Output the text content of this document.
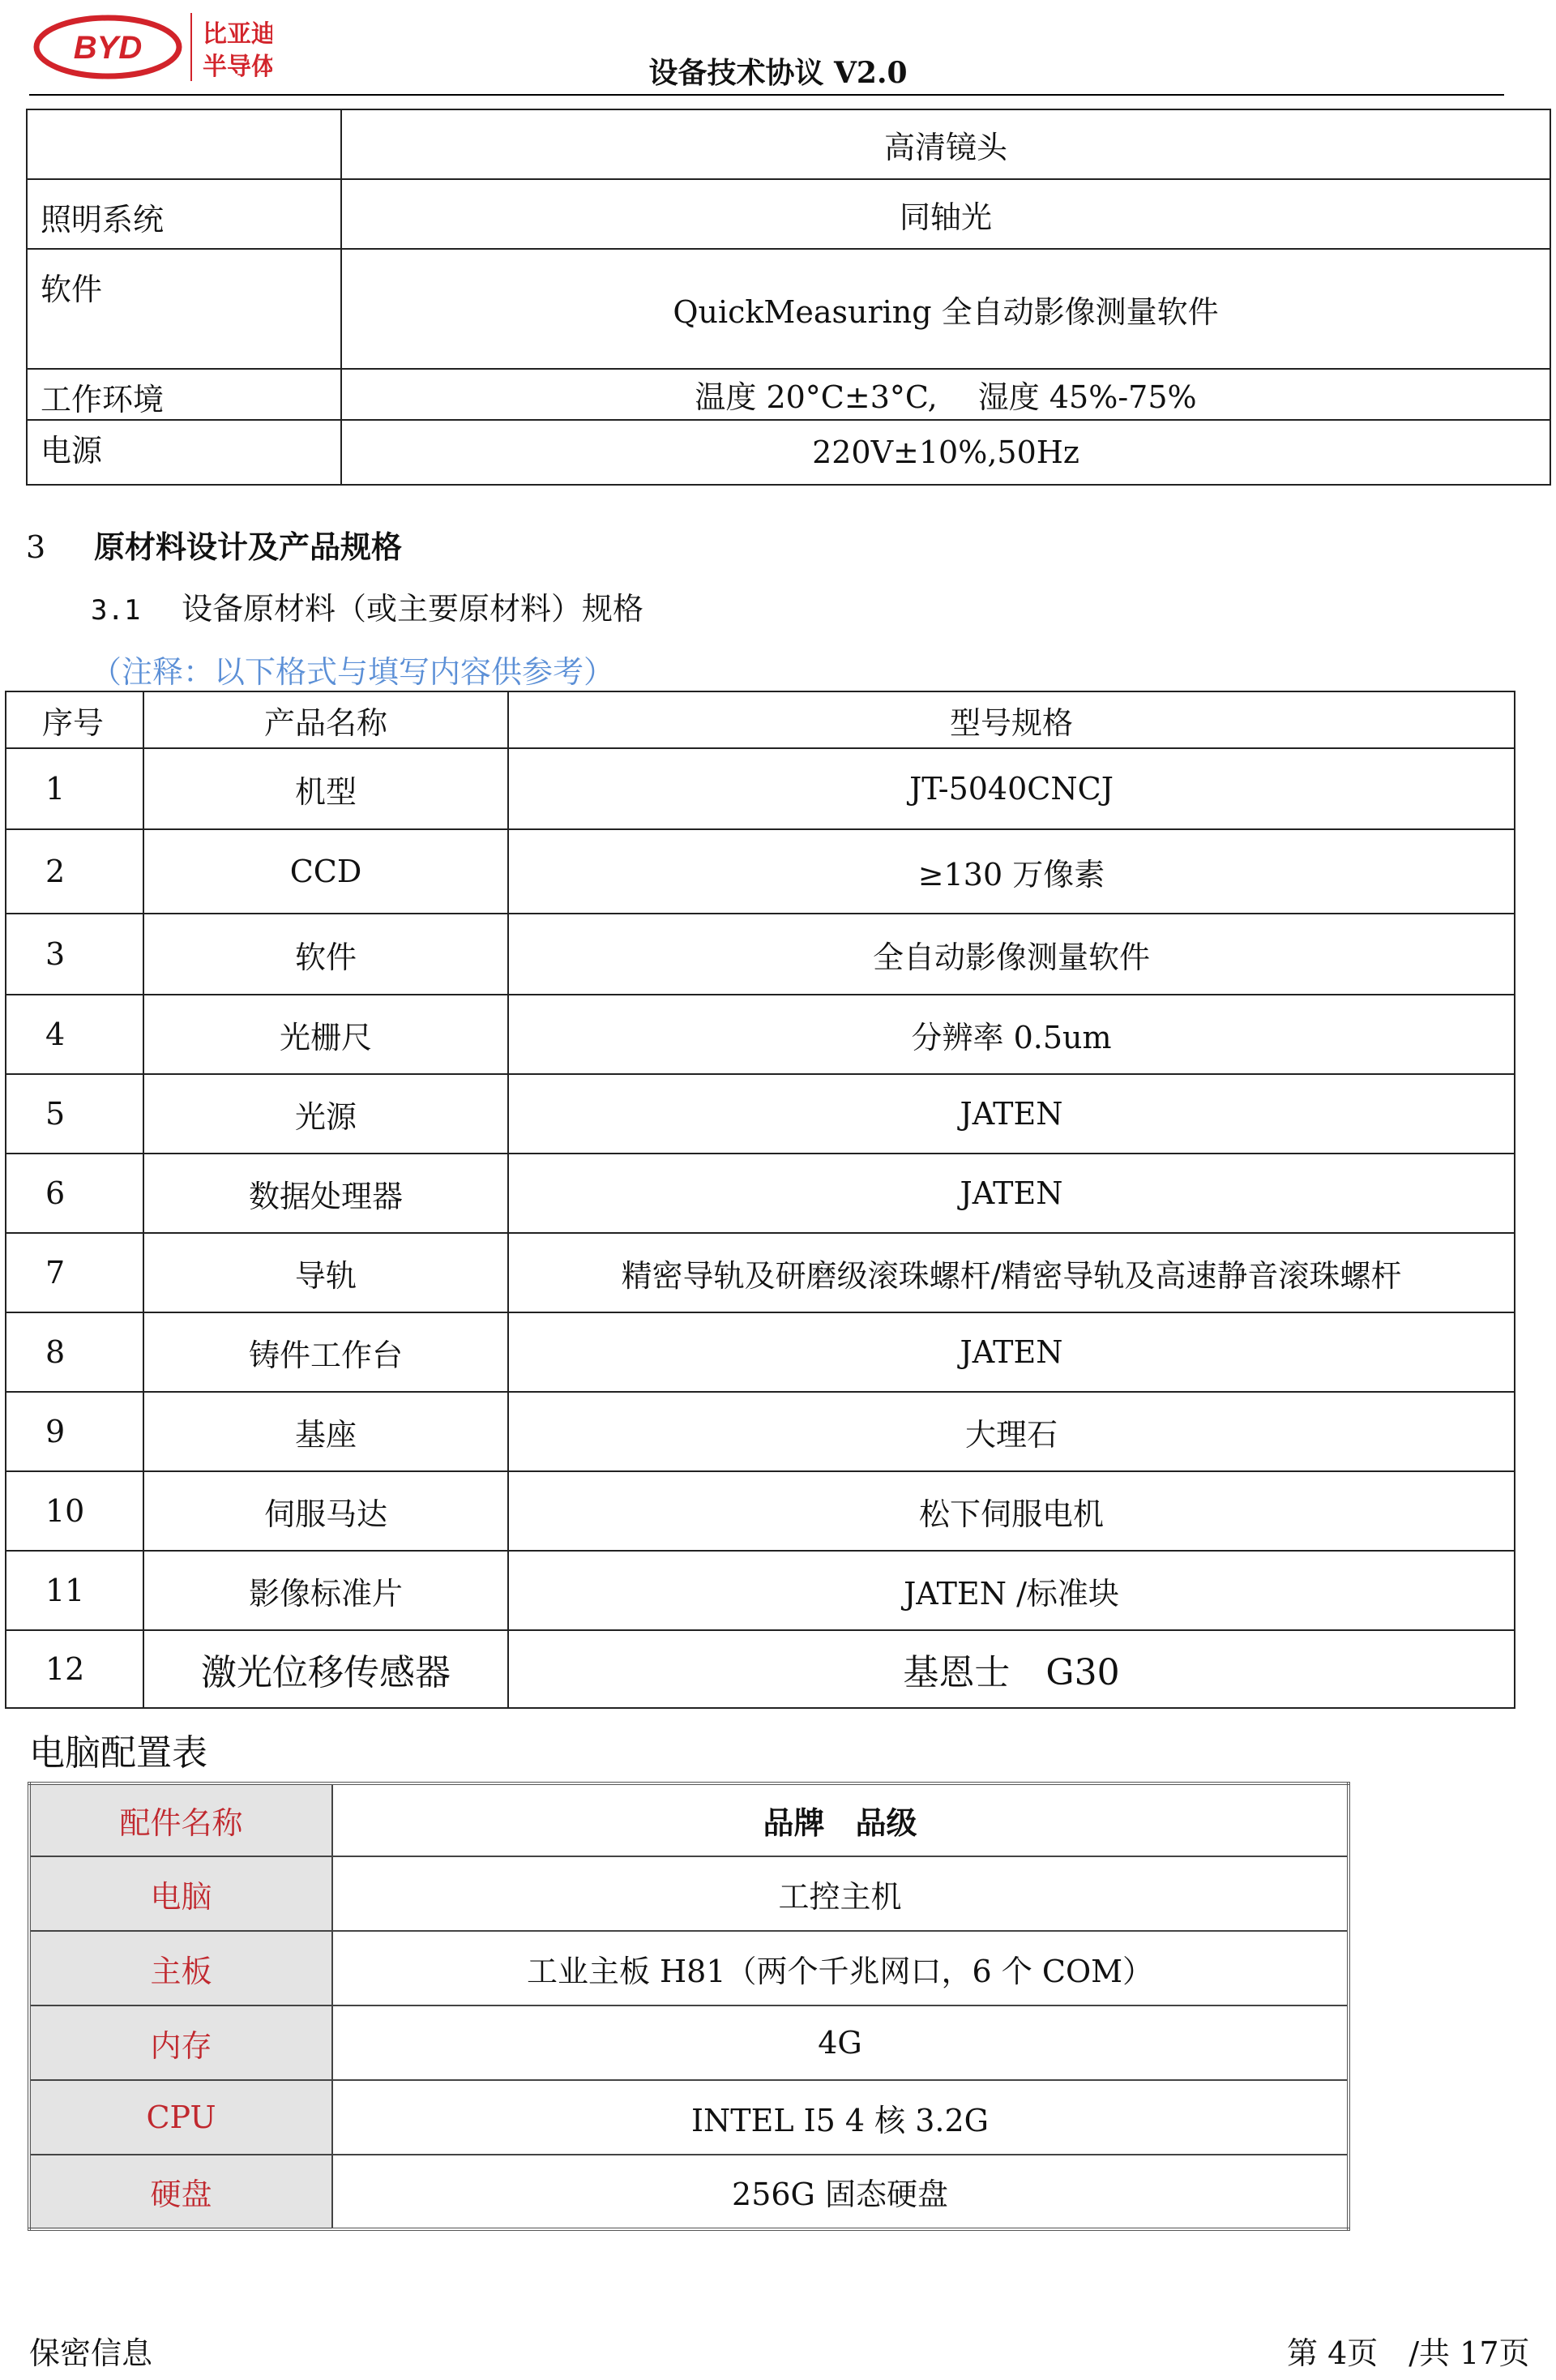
BYD 比亚迪
半导体	设备技术协议 V2.0
	高清镜头
照明系统	同轴光
软件	QuickMeasuring 全自动影像测量软件
工作环境	温度 20°C±3°C,　 湿度 45%-75%
电源	220V±10%,50Hz
3 原材料设计及产品规格
3.1 设备原材料（或主要原材料）规格
（注释：以下格式与填写内容供参考）
序号	产品名称	型号规格
1	机型	JT-5040CNCJ
2	CCD	≥130 万像素
3	软件	全自动影像测量软件
4	光栅尺	分辨率 0.5um
5	光源	JATEN
6	数据处理器	JATEN
7	导轨	精密导轨及研磨级滚珠螺杆/精密导轨及高速静音滚珠螺杆
8	铸件工作台	JATEN
9	基座	大理石
10	伺服马达	松下伺服电机
11	影像标准片	JATEN /标准块
12	激光位移传感器	基恩士　G30
电脑配置表
配件名称	品牌　品级
电脑	工控主机
主板	工业主板 H81（两个千兆网口，6 个 COM）
内存	4G
CPU	INTEL I5 4 核 3.2G
硬盘	256G 固态硬盘
保密信息	第 4页　/共 17页
